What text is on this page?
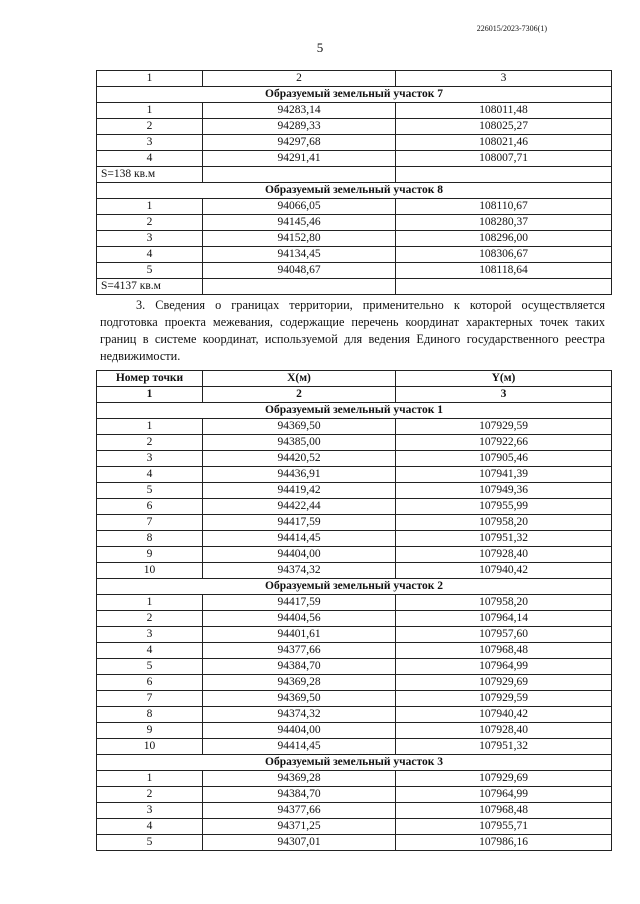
226015/2023-7306(1)
5
1	2	3
Образуемый земельный участок 7		
1	94283,14	108011,48
2	94289,33	108025,27
3	94297,68	108021,46
4	94291,41	108007,71
S=138 кв.м		
Образуемый земельный участок 8		
1	94066,05	108110,67
2	94145,46	108280,37
3	94152,80	108296,00
4	94134,45	108306,67
5	94048,67	108118,64
S=4137 кв.м		
3. Сведения о границах территории, применительно к которой осуществляется подготовка проекта межевания, содержащие перечень координат характерных точек таких границ в системе координат, используемой для ведения Единого государственного реестра недвижимости.
Номер точки	X(м)	Y(м)
1	2	3
Образуемый земельный участок 1		
1	94369,50	107929,59
2	94385,00	107922,66
3	94420,52	107905,46
4	94436,91	107941,39
5	94419,42	107949,36
6	94422,44	107955,99
7	94417,59	107958,20
8	94414,45	107951,32
9	94404,00	107928,40
10	94374,32	107940,42
Образуемый земельный участок 2		
1	94417,59	107958,20
2	94404,56	107964,14
3	94401,61	107957,60
4	94377,66	107968,48
5	94384,70	107964,99
6	94369,28	107929,69
7	94369,50	107929,59
8	94374,32	107940,42
9	94404,00	107928,40
10	94414,45	107951,32
Образуемый земельный участок 3		
1	94369,28	107929,69
2	94384,70	107964,99
3	94377,66	107968,48
4	94371,25	107955,71
5	94307,01	107986,16
